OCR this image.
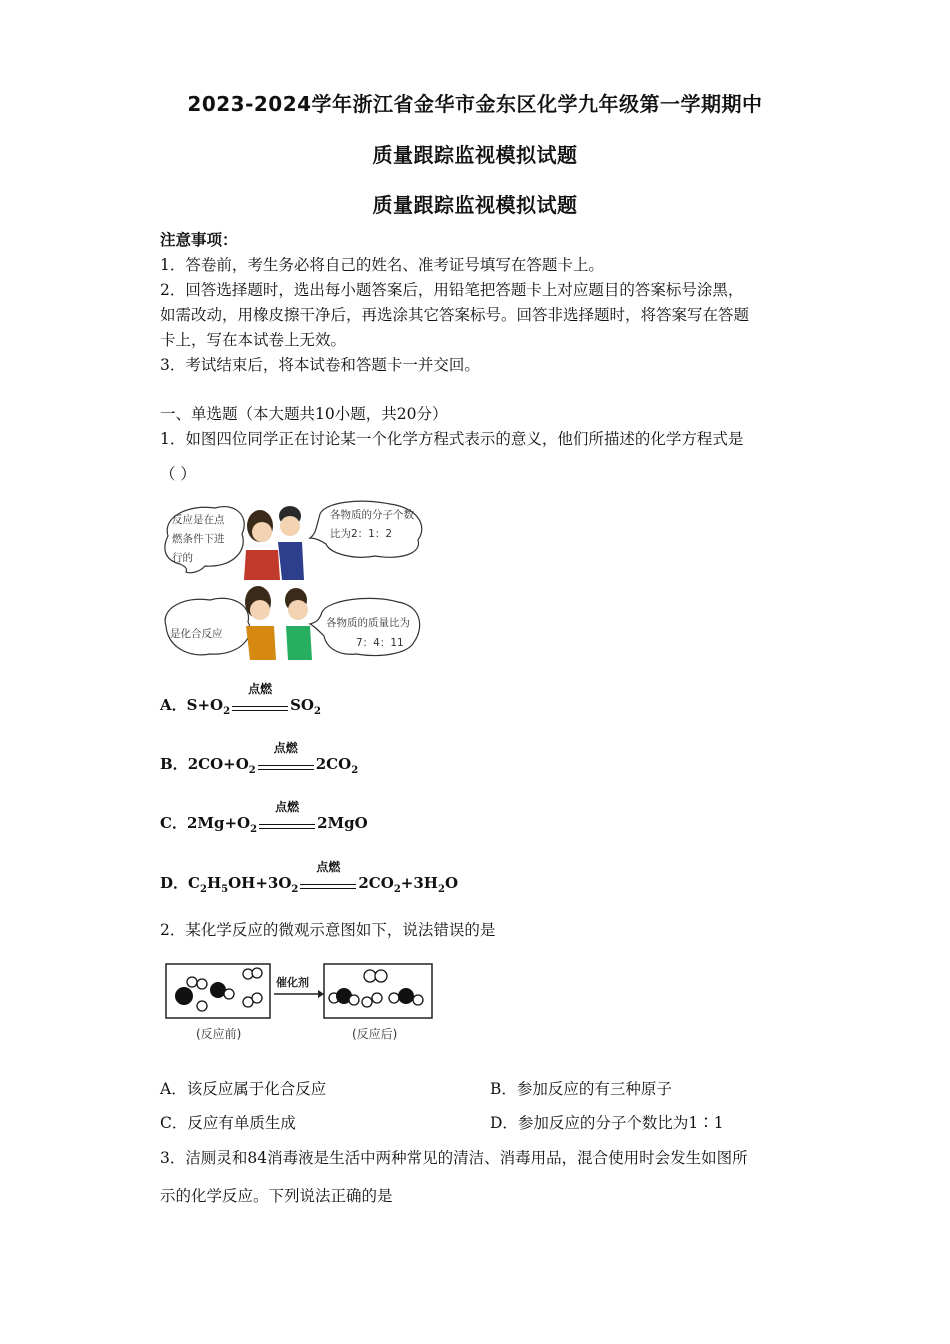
2023-2024学年浙江省金华市金东区化学九年级第一学期期中
质量跟踪监视模拟试题
质量跟踪监视模拟试题
注意事项：
1．答卷前，考生务必将自己的姓名、准考证号填写在答题卡上。
2．回答选择题时，选出每小题答案后，用铅笔把答题卡上对应题目的答案标号涂黑，
如需改动，用橡皮擦干净后，再选涂其它答案标号。回答非选择题时，将答案写在答题
卡上，写在本试卷上无效。
3．考试结束后，将本试卷和答题卡一并交回。
一、单选题（本大题共10小题，共20分）
1．如图四位同学正在讨论某一个化学方程式表示的意义，他们所描述的化学方程式是
（ ）
反应是在点
燃条件下进
行的
各物质的分子个数
比为2：1：2
是化合反应
各物质的质量比为
7：4：11
A．$S+O_2$
点燃
$SO_2$
B．$2CO+O_2$
点燃
$2CO_2$
C．$2Mg+O_2$
点燃
2MgO
D．$C_2H_5OH+3O_2$
点燃
$2CO_2+3H_2O$
2．某化学反应的微观示意图如下，说法错误的是
催化剂
(反应前)	(反应后)
A．该反应属于化合反应	B．参加反应的有三种原子
C．反应有单质生成	D．参加反应的分子个数比为1∶1
3．洁厕灵和84消毒液是生活中两种常见的清洁、消毒用品，混合使用时会发生如图所
示的化学反应。下列说法正确的是
